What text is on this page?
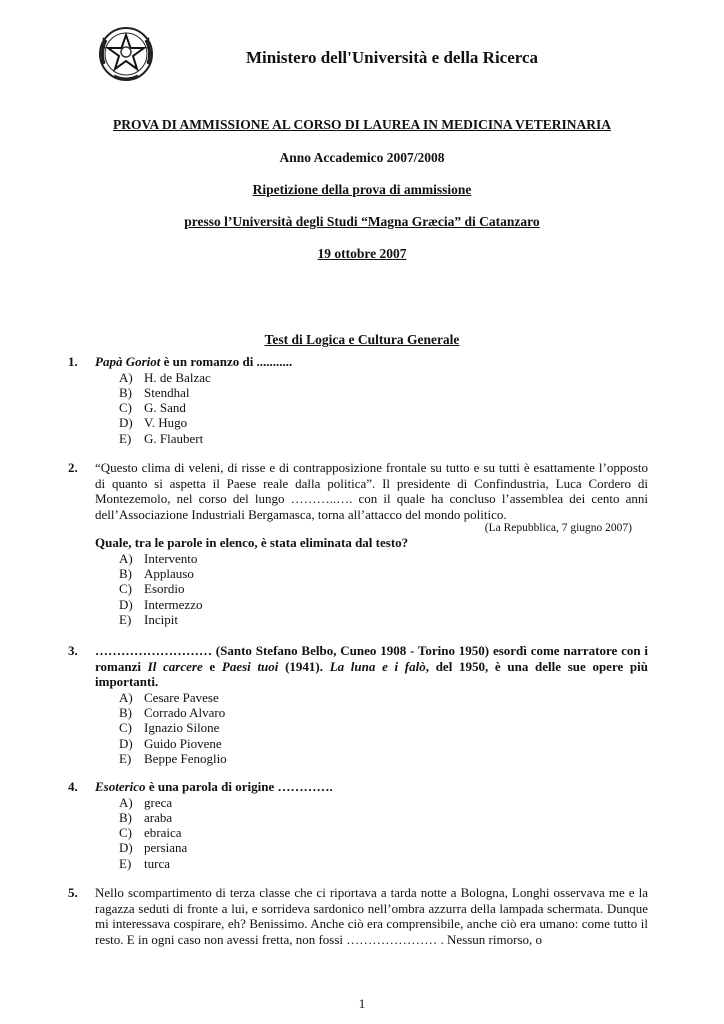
Ministero dell'Università e della Ricerca
PROVA DI AMMISSIONE AL CORSO DI LAUREA IN MEDICINA VETERINARIA
Anno Accademico 2007/2008
Ripetizione della prova di ammissione
presso l’Università degli Studi “Magna Græcia” di Catanzaro
19 ottobre 2007
Test di Logica e Cultura Generale
1. Papà Goriot è un romanzo di ...........
A) H. de Balzac
B) Stendhal
C) G. Sand
D) V. Hugo
E) G. Flaubert
2. “Questo clima di veleni, di risse e di contrapposizione frontale su tutto e su tutti è esattamente l’opposto di quanto si aspetta il Paese reale dalla politica”. Il presidente di Confindustria, Luca Cordero di Montezemolo, nel corso del lungo ………..…. con il quale ha concluso l’assemblea dei cento anni dell’Associazione Industriali Bergamasca, torna all’attacco del mondo politico.
(La Repubblica, 7 giugno 2007)
Quale, tra le parole in elenco, è stata eliminata dal testo?
A) Intervento
B) Applauso
C) Esordio
D) Intermezzo
E) Incipit
3. ……………………… (Santo Stefano Belbo, Cuneo 1908 - Torino 1950) esordì come narratore con i romanzi Il carcere e Paesi tuoi (1941). La luna e i falò, del 1950, è una delle sue opere più importanti.
A) Cesare Pavese
B) Corrado Alvaro
C) Ignazio Silone
D) Guido Piovene
E) Beppe Fenoglio
4. Esoterico è una parola di origine ………….
A) greca
B) araba
C) ebraica
D) persiana
E) turca
5. Nello scompartimento di terza classe che ci riportava a tarda notte a Bologna, Longhi osservava me e la ragazza seduti di fronte a lui, e sorrideva sardonico nell’ombra azzurra della lampada schermata. Dunque mi interessava cospirare, eh? Benissimo. Anche ciò era comprensibile, anche ciò era umano: come tutto il resto. E in ogni caso non avessi fretta, non fossi ………………… . Nessun rimorso, o
1
